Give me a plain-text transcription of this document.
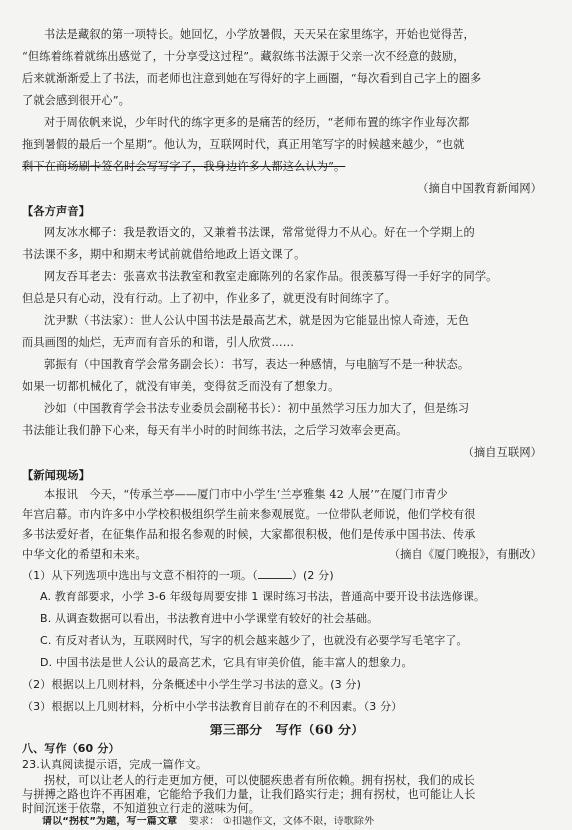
书法是藏叙的第一项特长。她回忆，小学放暑假，天天呆在家里练字，开始也觉得苦，
“但练着练着就练出感觉了，十分享受这过程”。藏叙练书法源于父亲一次不经意的鼓励，
后来就渐渐爱上了书法，而老师也注意到她在写得好的字上画圈，“每次看到自己字上的圈多
了就会感到很开心”。
对于周依帆来说，少年时代的练字更多的是痛苦的经历，“老师布置的练字作业每次都
拖到暑假的最后一个星期”。他认为，互联网时代，真正用笔写字的时候越来越少，“也就
剩下在商场刷卡签名时会写写字了，我身边许多人都这么认为”。
（摘自中国教育新闻网）
【各方声音】
网友冰水椰子：我是教语文的，又兼着书法课，常常觉得力不从心。好在一个学期上的
书法课不多，期中和期末考试前就借给地政上语文课了。
网友吞耳老去：张喜欢书法教室和教室走廊陈列的名家作品。很羡慕写得一手好字的同学。
但总是只有心动，没有行动。上了初中，作业多了，就更没有时间练字了。
沈尹默（书法家）：世人公认中国书法是最高艺术，就是因为它能显出惊人奇迹，无色
而具画图的灿烂，无声而有音乐的和谐，引人欣赏……
郭振有（中国教育学会常务副会长）：书写，表达一种感情，与电脑写不是一种状态。
如果一切都机械化了，就没有审美，变得贫乏而没有了想象力。
沙如（中国教育学会书法专业委员会副秘书长）：初中虽然学习压力加大了，但是练习
书法能让我们静下心来，每天有半小时的时间练书法，之后学习效率会更高。
（摘自互联网）
【新闻现场】
本报讯　今天，“传承兰亭——厦门市中小学生‘兰亭雅集 42 人展’”在厦门市青少
年宫启幕。市内许多中小学校积极组织学生前来参观展览。一位带队老师说，他们学校有很
多书法爱好者，在征集作品和报名参观的时候，大家都很积极，他们是传承中国书法、传承
中华文化的希望和未来。	（摘自《厦门晚报》，有删改）
（1）从下列选项中选出与文意不相符的一项。（	）(2 分)
A. 教育部要求，小学 3-6 年级每周要安排 1 课时练习书法，普通高中要开设书法选修课。
B. 从调查数据可以看出，书法教育进中小学课堂有较好的社会基础。
C. 有反对者认为，互联网时代，写字的机会越来越少了，也就没有必要学写毛笔字了。
D. 中国书法是世人公认的最高艺术，它具有审美价值，能丰富人的想象力。
（2）根据以上几则材料，分条概述中小学生学习书法的意义。(3 分)
（3）根据以上几则材料，分析中小学书法教育目前存在的不利因素。（3 分）
第三部分　写作（60 分）
八、写作（60 分）
23.认真阅读提示语，完成一篇作文。
拐杖，可以让老人的行走更加方便，可以使腿疾患者有所依赖。拥有拐杖，我们的成长
与拼搏之路也许不再困难，它能给予我们力量，让我们路实行走；拥有拐杖，也可能让人长
时间沉迷于依靠，不知道独立行走的滋味为何。
请以“拐杖”为题，写一篇文章 要求： ①扣题作文，文体不限，诗歌除外
